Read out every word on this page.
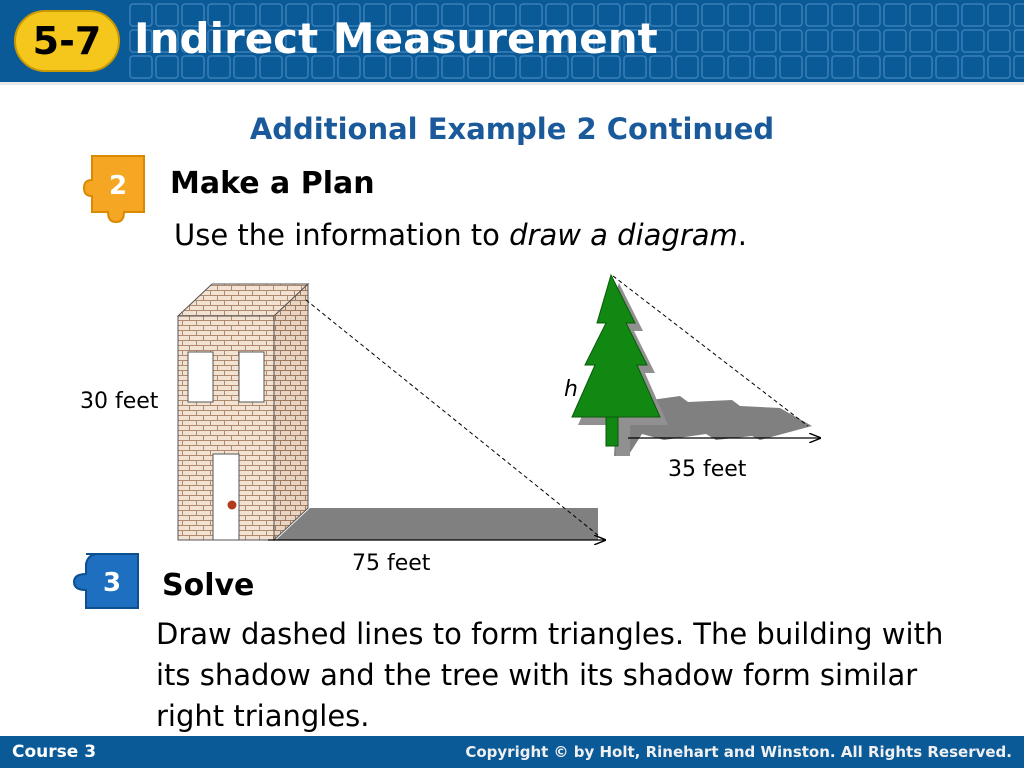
5-7 Indirect Measurement
Additional Example 2 Continued
2 Make a Plan
Use the information to draw a diagram.
30 feet
75 feet
h
35 feet
3 Solve
Draw dashed lines to form triangles. The building with its shadow and the tree with its shadow form similar right triangles.
Course 3	Copyright © by Holt, Rinehart and Winston. All Rights Reserved.
